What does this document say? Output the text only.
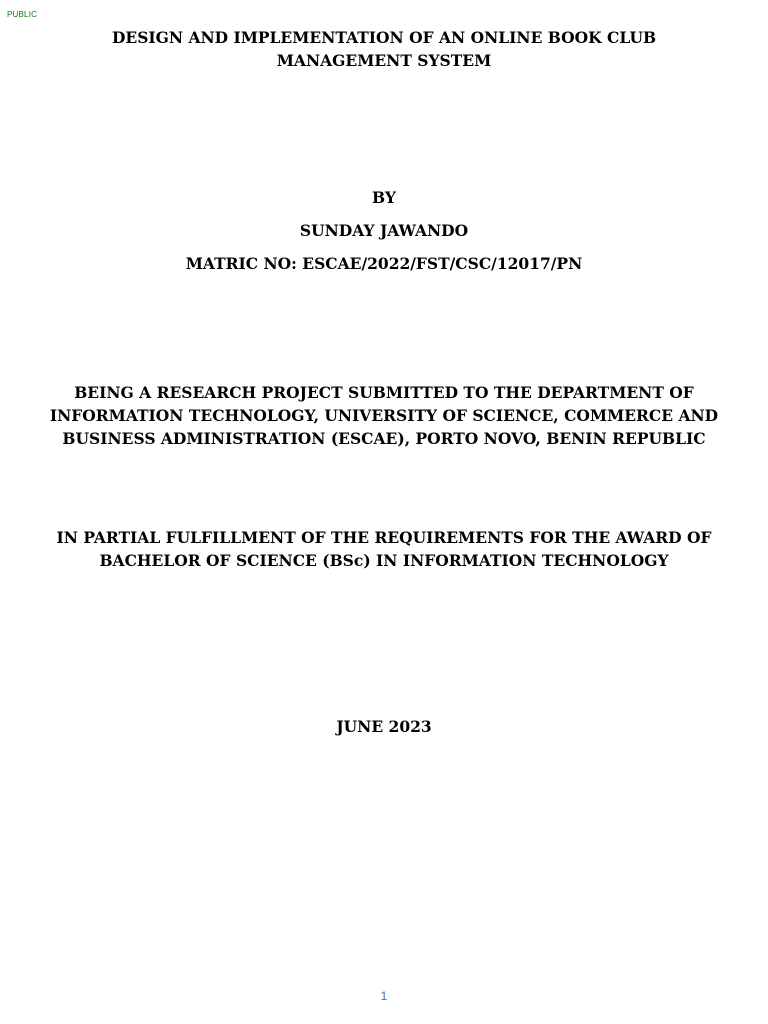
PUBLIC
DESIGN AND IMPLEMENTATION OF AN ONLINE BOOK CLUB
MANAGEMENT SYSTEM
BY
SUNDAY JAWANDO
MATRIC NO: ESCAE/2022/FST/CSC/12017/PN
BEING A RESEARCH PROJECT SUBMITTED TO THE DEPARTMENT OF
INFORMATION TECHNOLOGY, UNIVERSITY OF SCIENCE, COMMERCE AND
BUSINESS ADMINISTRATION (ESCAE), PORTO NOVO, BENIN REPUBLIC
IN PARTIAL FULFILLMENT OF THE REQUIREMENTS FOR THE AWARD OF
BACHELOR OF SCIENCE (BSc) IN INFORMATION TECHNOLOGY
JUNE 2023
1
